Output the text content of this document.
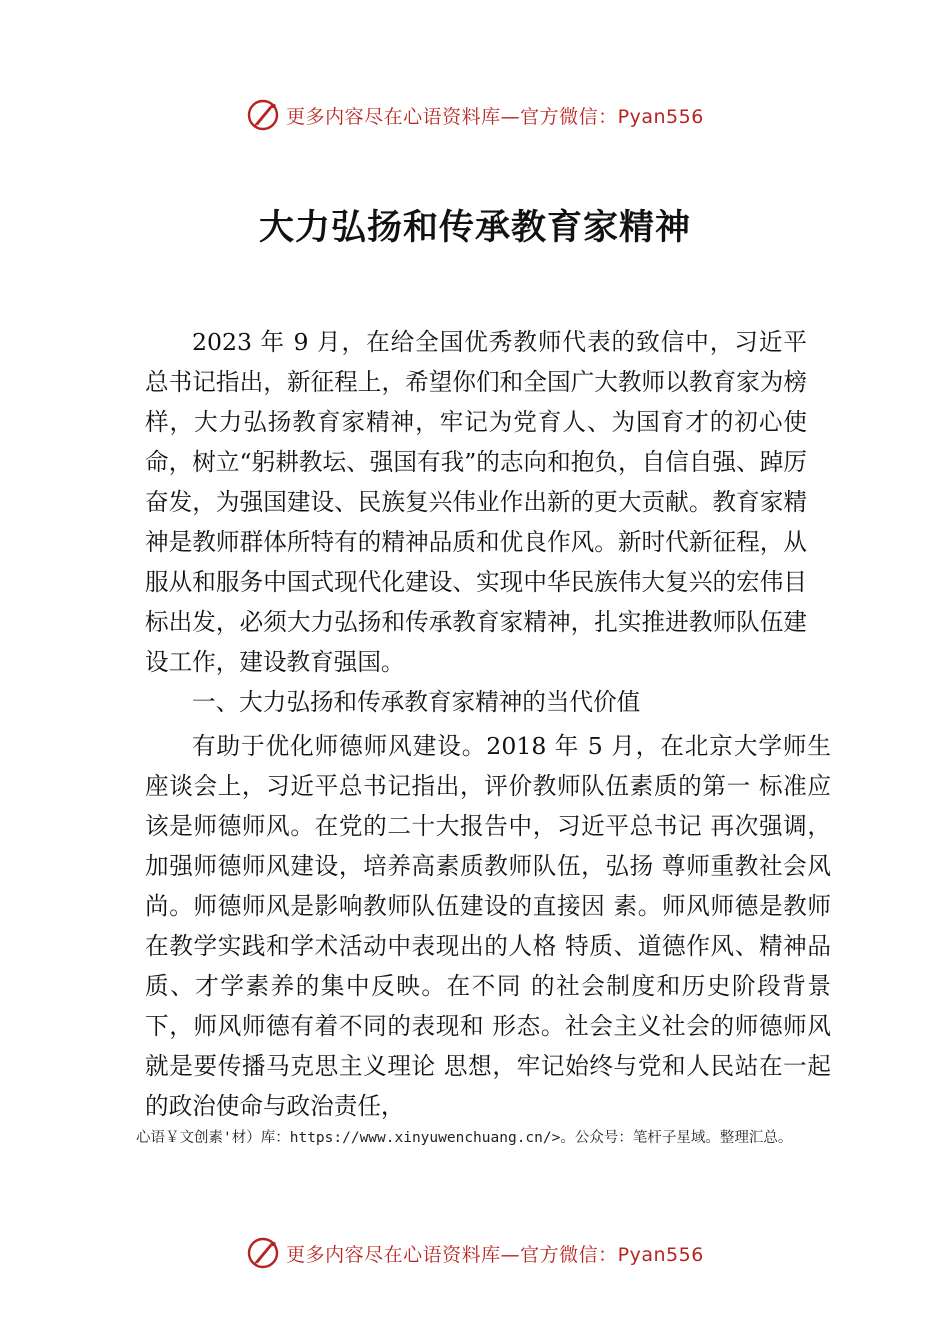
更多内容尽在心语资料库—官方微信：Pyan556
大力弘扬和传承教育家精神

2023 年 9 月，在给全国优秀教师代表的致信中，习近平总书记指出，新征程上，希望你们和全国广大教师以教育家为榜样，大力弘扬教育家精神，牢记为党育人、为国育才的初心使命，树立“躬耕教坛、强国有我”的志向和抱负，自信自强、踔厉奋发，为强国建设、民族复兴伟业作出新的更大贡献。教育家精神是教师群体所特有的精神品质和优良作风。新时代新征程，从服从和服务中国式现代化建设、实现中华民族伟大复兴的宏伟目标出发，必须大力弘扬和传承教育家精神，扎实推进教师队伍建设工作，建设教育强国。

一、大力弘扬和传承教育家精神的当代价值

有助于优化师德师风建设。2018 年 5 月，在北京大学师生座谈会上，习近平总书记指出，评价教师队伍素质的第一 标准应该是师德师风。在党的二十大报告中，习近平总书记 再次强调，加强师德师风建设，培养高素质教师队伍，弘扬 尊师重教社会风尚。师德师风是影响教师队伍建设的直接因 素。师风师德是教师在教学实践和学术活动中表现出的人格 特质、道德作风、精神品质、才学素养的集中反映。在不同 的社会制度和历史阶段背景下，师风师德有着不同的表现和 形态。社会主义社会的师德师风就是要传播马克思主义理论 思想，牢记始终与党和人民站在一起的政治使命与政治责任，

心语￥文创素'材）库：https://www.xinyuwenchuang.cn/>。公众号：笔杆子星域。整理汇总。
更多内容尽在心语资料库—官方微信：Pyan556
